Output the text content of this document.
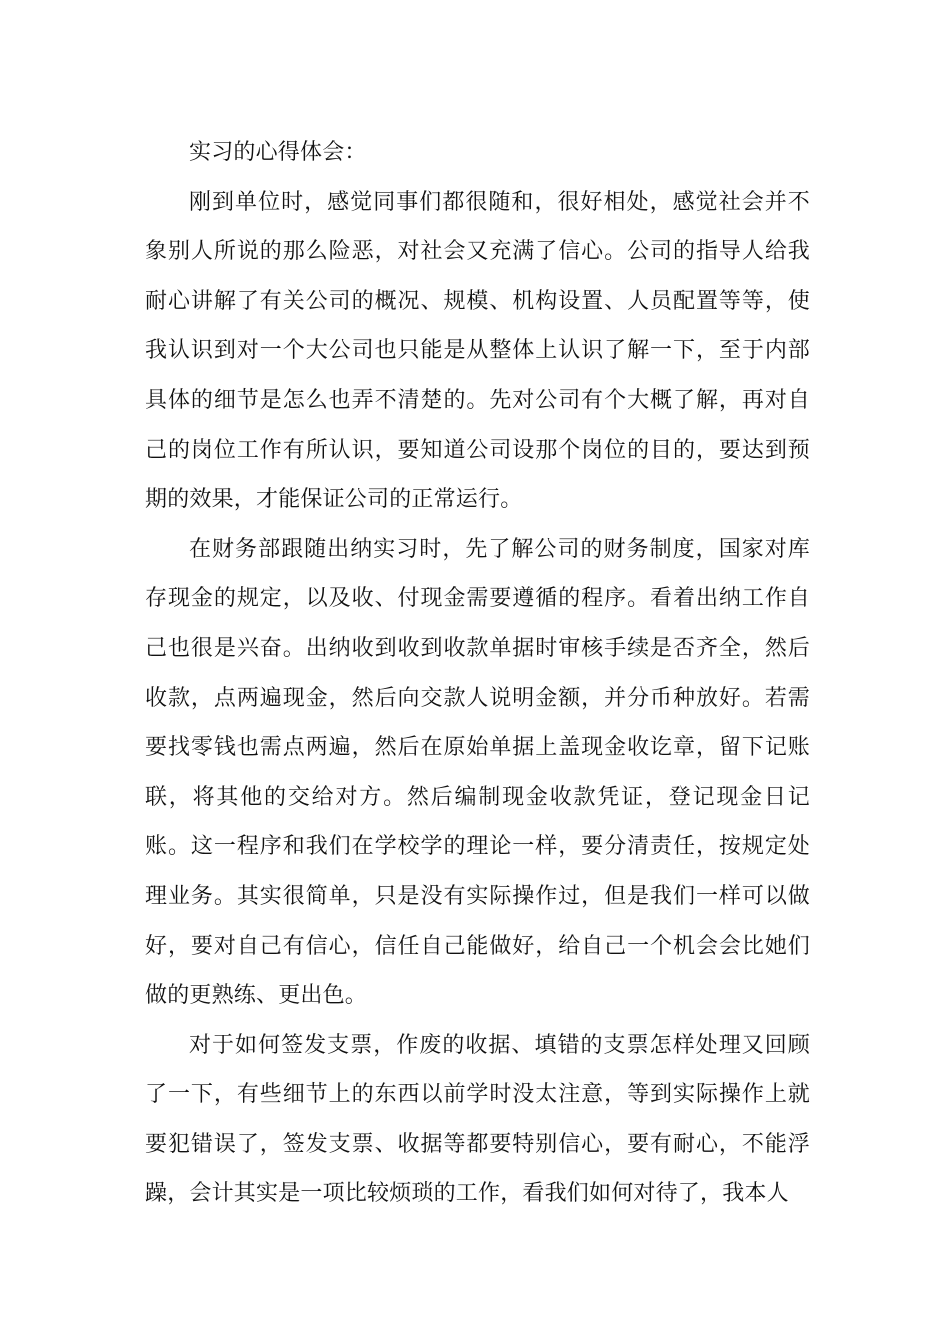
实习的心得体会：

刚到单位时，感觉同事们都很随和，很好相处，感觉社会并不象别人所说的那么险恶，对社会又充满了信心。公司的指导人给我耐心讲解了有关公司的概况、规模、机构设置、人员配置等等，使我认识到对一个大公司也只能是从整体上认识了解一下，至于内部具体的细节是怎么也弄不清楚的。先对公司有个大概了解，再对自己的岗位工作有所认识，要知道公司设那个岗位的目的，要达到预期的效果，才能保证公司的正常运行。

在财务部跟随出纳实习时，先了解公司的财务制度，国家对库存现金的规定，以及收、付现金需要遵循的程序。看着出纳工作自己也很是兴奋。出纳收到收到收款单据时审核手续是否齐全，然后收款，点两遍现金，然后向交款人说明金额，并分币种放好。若需要找零钱也需点两遍，然后在原始单据上盖现金收讫章，留下记账联，将其他的交给对方。然后编制现金收款凭证，登记现金日记账。这一程序和我们在学校学的理论一样，要分清责任，按规定处理业务。其实很简单，只是没有实际操作过，但是我们一样可以做好，要对自己有信心，信任自己能做好，给自己一个机会会比她们做的更熟练、更出色。

对于如何签发支票，作废的收据、填错的支票怎样处理又回顾了一下，有些细节上的东西以前学时没太注意，等到实际操作上就要犯错误了，签发支票、收据等都要特别信心，要有耐心，不能浮躁，会计其实是一项比较烦琐的工作，看我们如何对待了，我本人
